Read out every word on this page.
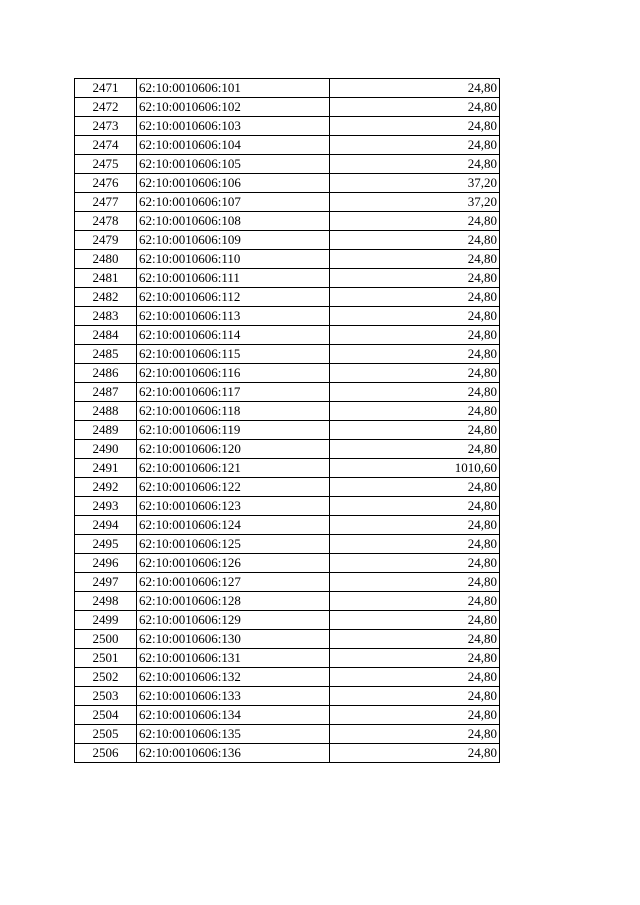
2471	62:10:0010606:101	24,80
2472	62:10:0010606:102	24,80
2473	62:10:0010606:103	24,80
2474	62:10:0010606:104	24,80
2475	62:10:0010606:105	24,80
2476	62:10:0010606:106	37,20
2477	62:10:0010606:107	37,20
2478	62:10:0010606:108	24,80
2479	62:10:0010606:109	24,80
2480	62:10:0010606:110	24,80
2481	62:10:0010606:111	24,80
2482	62:10:0010606:112	24,80
2483	62:10:0010606:113	24,80
2484	62:10:0010606:114	24,80
2485	62:10:0010606:115	24,80
2486	62:10:0010606:116	24,80
2487	62:10:0010606:117	24,80
2488	62:10:0010606:118	24,80
2489	62:10:0010606:119	24,80
2490	62:10:0010606:120	24,80
2491	62:10:0010606:121	1010,60
2492	62:10:0010606:122	24,80
2493	62:10:0010606:123	24,80
2494	62:10:0010606:124	24,80
2495	62:10:0010606:125	24,80
2496	62:10:0010606:126	24,80
2497	62:10:0010606:127	24,80
2498	62:10:0010606:128	24,80
2499	62:10:0010606:129	24,80
2500	62:10:0010606:130	24,80
2501	62:10:0010606:131	24,80
2502	62:10:0010606:132	24,80
2503	62:10:0010606:133	24,80
2504	62:10:0010606:134	24,80
2505	62:10:0010606:135	24,80
2506	62:10:0010606:136	24,80
